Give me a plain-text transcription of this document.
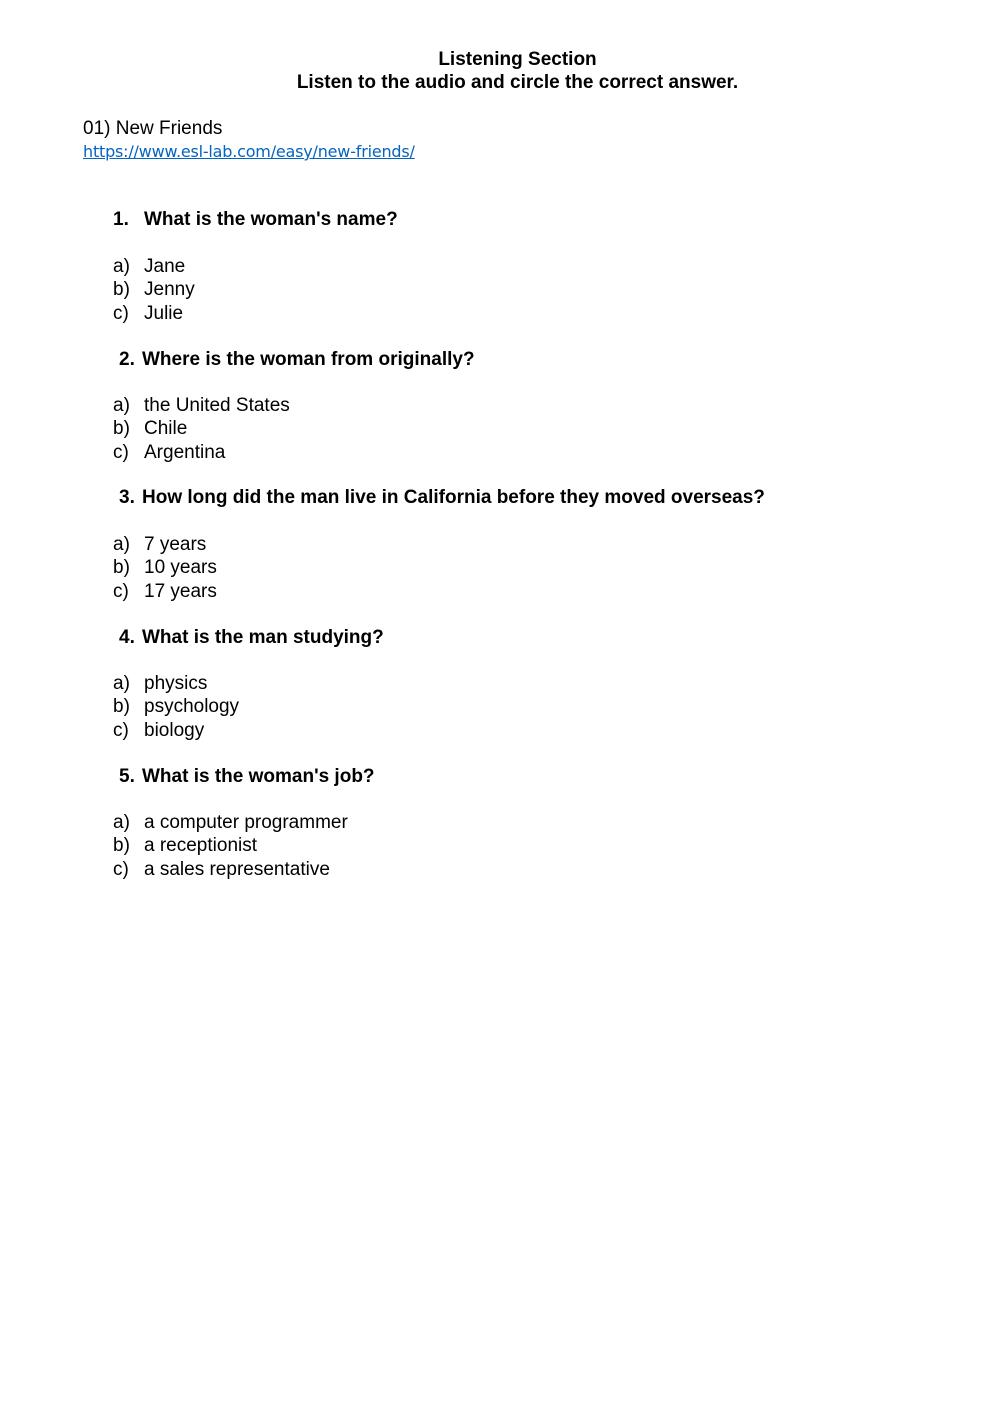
Listening Section
Listen to the audio and circle the correct answer.
01) New Friends
https://www.esl-lab.com/easy/new-friends/
1. What is the woman's name?
a) Jane
b) Jenny
c) Julie
2. Where is the woman from originally?
a) the United States
b) Chile
c) Argentina
3. How long did the man live in California before they moved overseas?
a) 7 years
b) 10 years
c) 17 years
4. What is the man studying?
a) physics
b) psychology
c) biology
5. What is the woman's job?
a) a computer programmer
b) a receptionist
c) a sales representative
